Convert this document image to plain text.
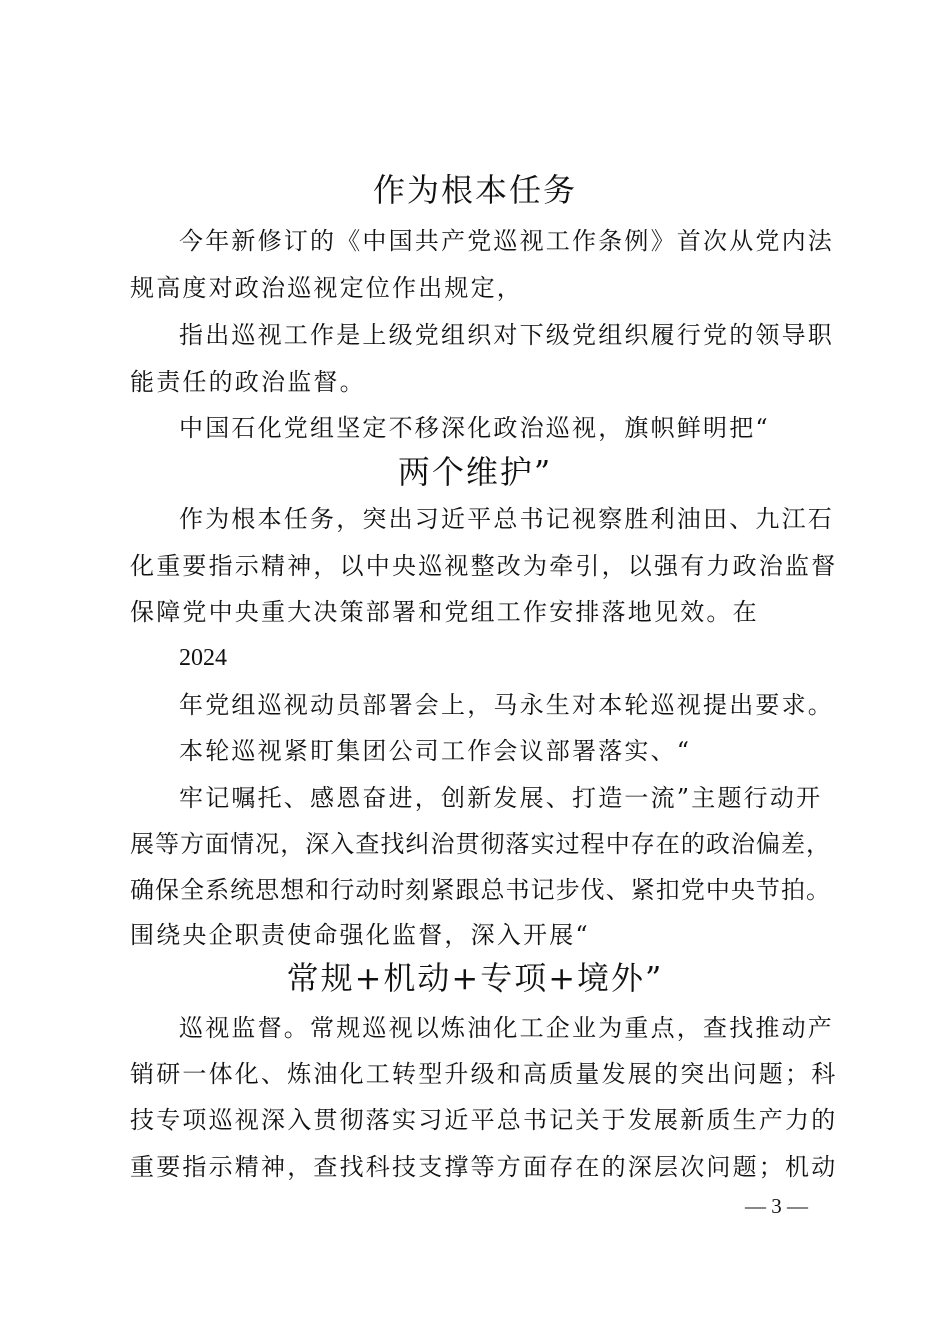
作为根本任务
今年新修订的《中国共产党巡视工作条例》首次从党内法
规高度对政治巡视定位作出规定，
指出巡视工作是上级党组织对下级党组织履行党的领导职
能责任的政治监督。
中国石化党组坚定不移深化政治巡视，旗帜鲜明把“
两个维护”
作为根本任务，突出习近平总书记视察胜利油田、九江石
化重要指示精神，以中央巡视整改为牵引，以强有力政治监督
保障党中央重大决策部署和党组工作安排落地见效。在
2024
年党组巡视动员部署会上，马永生对本轮巡视提出要求。
本轮巡视紧盯集团公司工作会议部署落实、“
牢记嘱托、感恩奋进，创新发展、打造一流”主题行动开
展等方面情况，深入查找纠治贯彻落实过程中存在的政治偏差，
确保全系统思想和行动时刻紧跟总书记步伐、紧扣党中央节拍。
围绕央企职责使命强化监督，深入开展“
常规+机动+专项+境外”
巡视监督。常规巡视以炼油化工企业为重点，查找推动产
销研一体化、炼油化工转型升级和高质量发展的突出问题；科
技专项巡视深入贯彻落实习近平总书记关于发展新质生产力的
重要指示精神，查找科技支撑等方面存在的深层次问题；机动
— 3 —
